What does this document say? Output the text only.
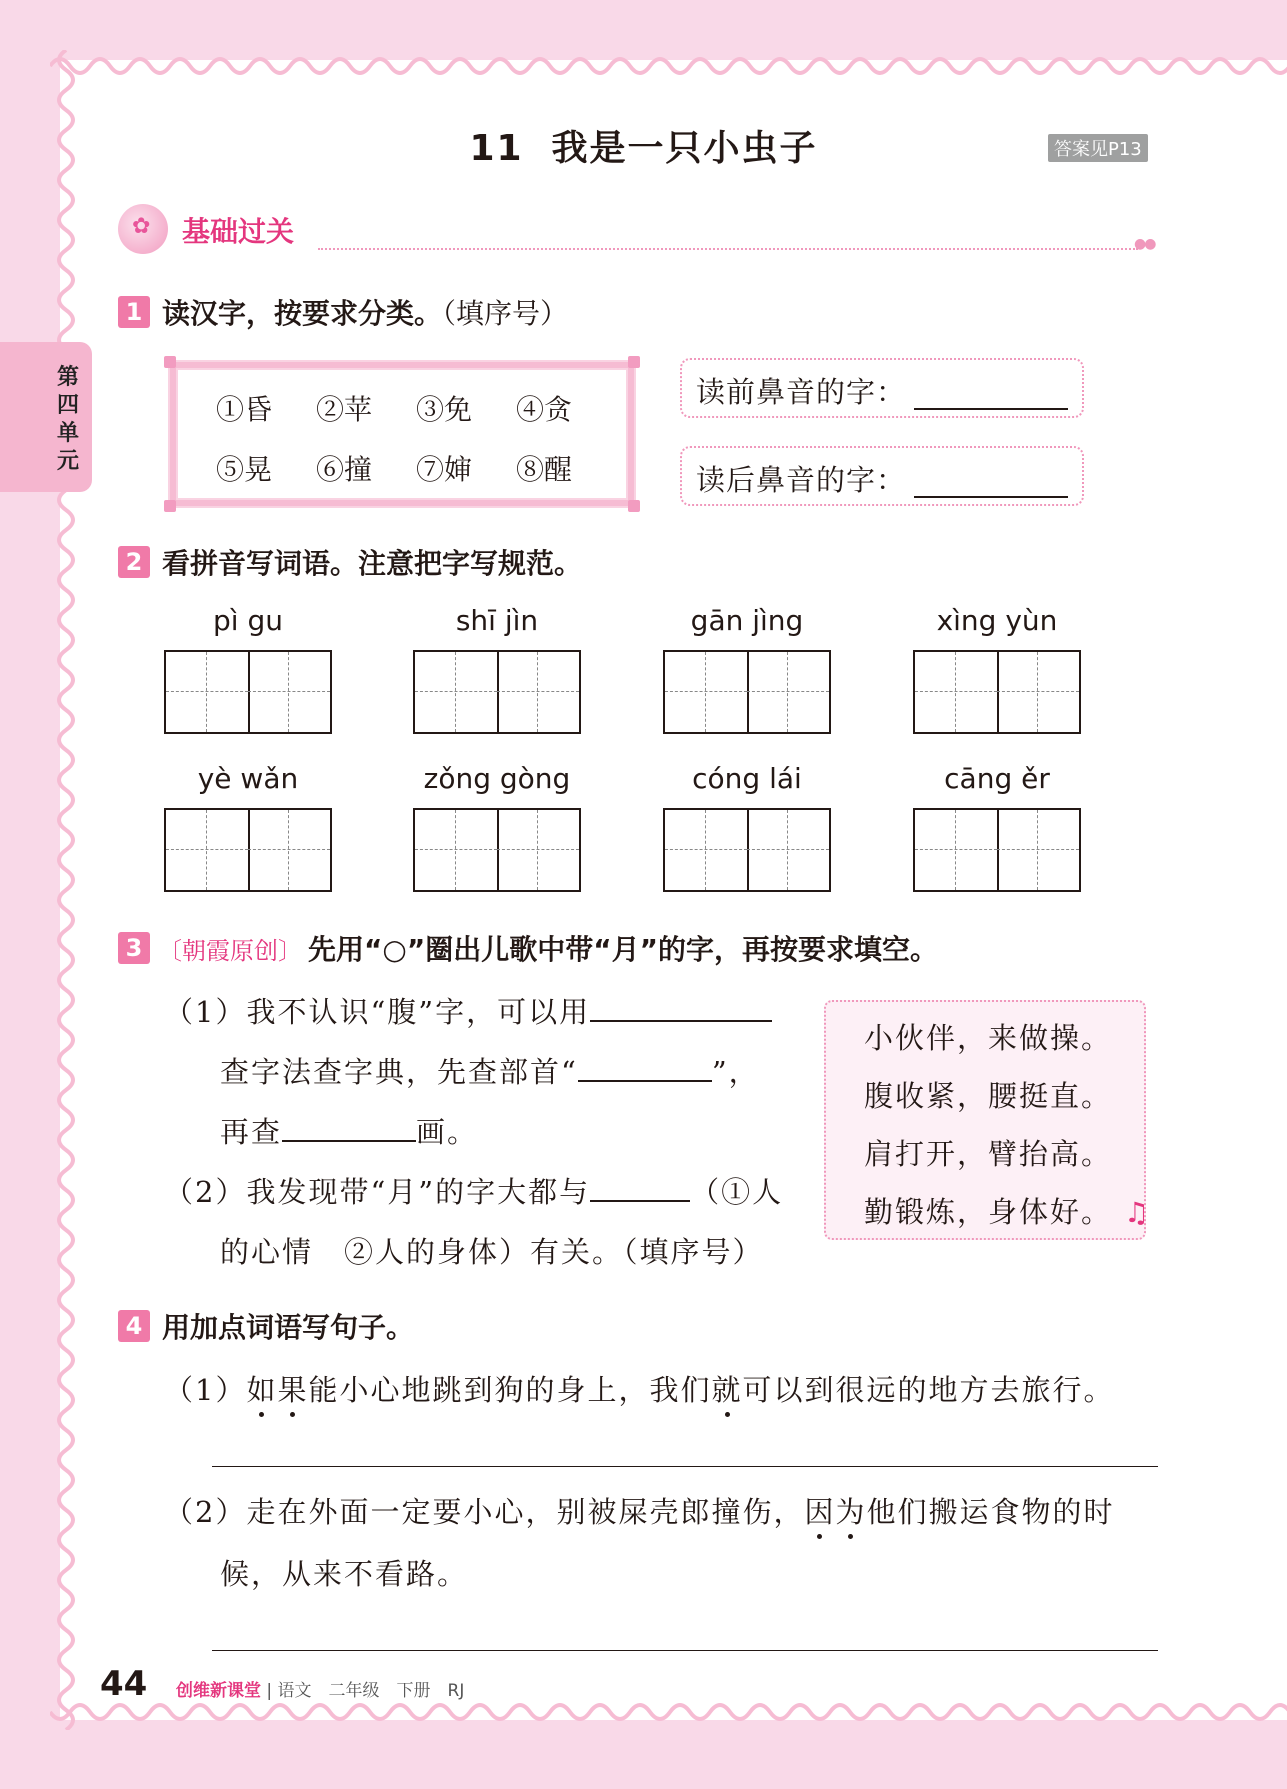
11 我是一只小虫子	答案见P13
第四单元
✿ 基础过关	●●
1 读汉字，按要求分类。（填序号）
①昏	②苹	③免	④贪
⑤晃	⑥撞	⑦婶	⑧醒
读前鼻音的字：
读后鼻音的字：
2 看拼音写词语。注意把字写规范。
pì gu	shī jìn	gān jìng	xìng yùn
yè wǎn	zǒng gòng	cóng lái	cāng ěr
3 〔朝霞原创〕 先用“○”圈出儿歌中带“月”的字，再按要求填空。
（1）我不认识“腹”字，可以用
查字法查字典，先查部首“	”，
再查	画。
（2）我发现带“月”的字大都与	（①人
的心情　②人的身体）有关。（填序号）
小伙伴，来做操。
腹收紧，腰挺直。
肩打开，臂抬高。
勤锻炼，身体好。 ♫
4 用加点词语写句子。
（1）如果能小心地跳到狗的身上，我们就可以到很远的地方去旅行。
（2）走在外面一定要小心，别被屎壳郎撞伤，因为他们搬运食物的时
候，从来不看路。
44 创维新课堂 | 语文　二年级　下册　RJ
